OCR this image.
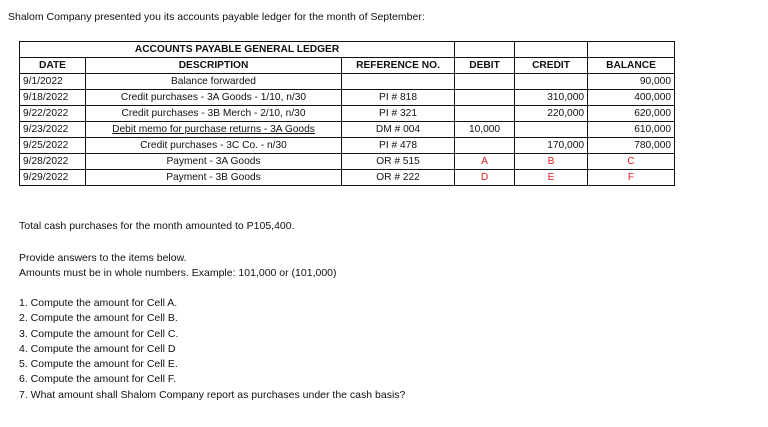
Shalom Company presented you its accounts payable ledger for the month of September:
ACCOUNTS PAYABLE GENERAL LEDGER					
DATE	DESCRIPTION	REFERENCE NO.	DEBIT	CREDIT	BALANCE
9/1/2022	Balance forwarded				90,000
9/18/2022	Credit purchases - 3A Goods - 1/10, n/30	PI # 818		310,000	400,000
9/22/2022	Credit purchases - 3B Merch - 2/10, n/30	PI # 321		220,000	620,000
9/23/2022	Debit memo for purchase returns - 3A Goods	DM # 004	10,000		610,000
9/25/2022	Credit purchases - 3C Co. - n/30	PI # 478		170,000	780,000
9/28/2022	Payment - 3A Goods	OR # 515	A	B	C
9/29/2022	Payment - 3B Goods	OR # 222	D	E	F
Total cash purchases for the month amounted to P105,400.
Provide answers to the items below.
Amounts must be in whole numbers. Example: 101,000 or (101,000)
1. Compute the amount for Cell A.
2. Compute the amount for Cell B.
3. Compute the amount for Cell C.
4. Compute the amount for Cell D
5. Compute the amount for Cell E.
6. Compute the amount for Cell F.
7. What amount shall Shalom Company report as purchases under the cash basis?
